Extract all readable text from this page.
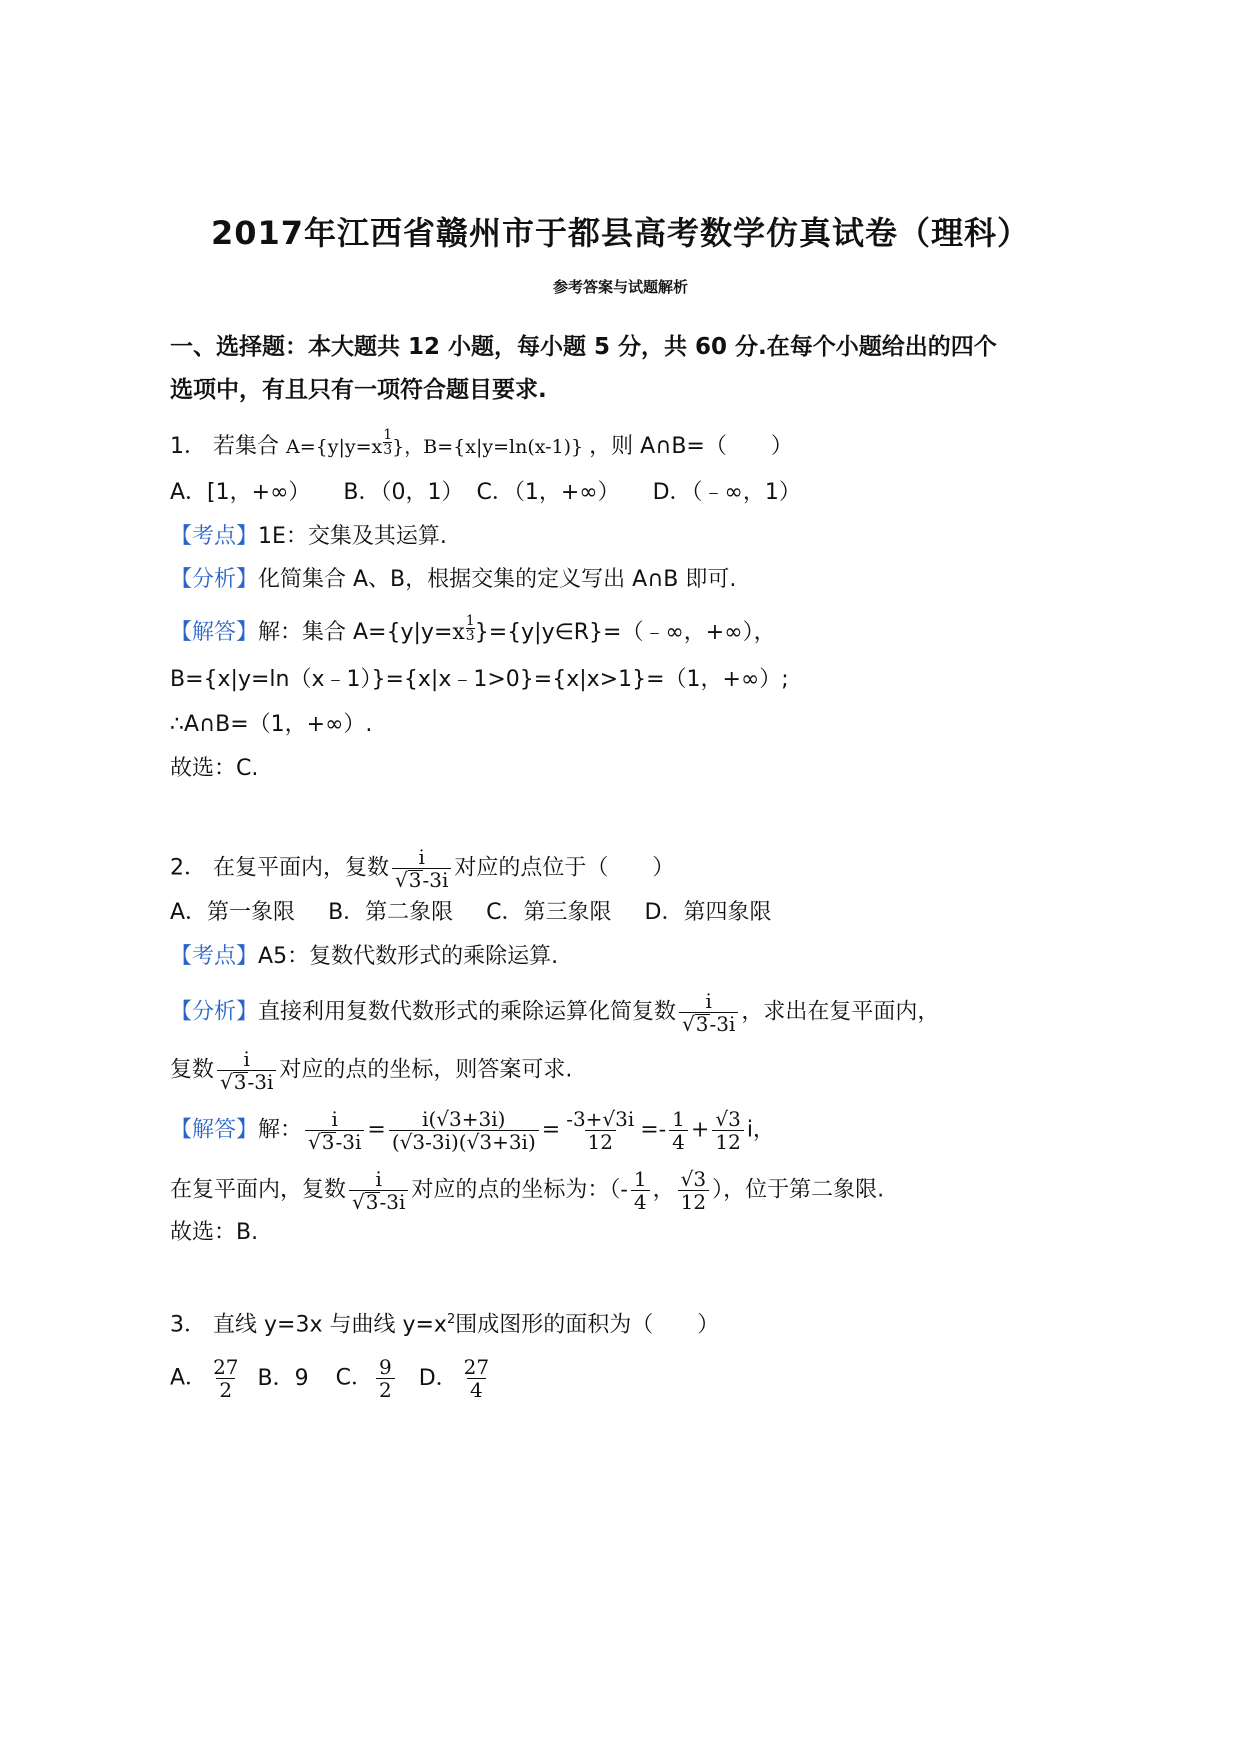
2017年江西省赣州市于都县高考数学仿真试卷（理科）
参考答案与试题解析
一、选择题：本大题共 12 小题，每小题 5 分，共 60 分.在每个小题给出的四个
选项中，有且只有一项符合题目要求.
1． 若集合 $A=\{y|y=x \frac{1}{3}$ }，B={x|y=ln(x-1)} ，则 A∩B=（　　）
A．[1，+∞） B．（0，1） C．（1，+∞） D．（﹣∞，1）
【考点】1E：交集及其运算.
【分析】化简集合 A、B，根据交集的定义写出 A∩B 即可.
【解答】解：集合 $A=\{y|y=x \frac{1}{3}$ }={y|y∈R}=（﹣∞，+∞），
B={x|y=ln（x﹣1）}={x|x﹣1>0}={x|x>1}=（1，+∞）;
∴A∩B=（1，+∞）.
故选：C.
2． 在复平面内，复数 $\frac{i}{√3-3i}$ 对应的点位于（　　）
A．第一象限 B．第二象限 C．第三象限 D．第四象限
【考点】A5：复数代数形式的乘除运算.
【分析】直接利用复数代数形式的乘除运算化简复数 $\frac{i}{√3-3i}$ ，求出在复平面内，
复数 $\frac{i}{√3-3i}$ 对应的点的坐标，则答案可求.
【解答】解： $\frac{i}{√3-3i} = \frac{i(√3+3i)}{(√3-3i)(√3+3i)} = \frac{-3+√3i}{12} =- \frac{1}{4} + \frac{√3}{12}$ i，
在复平面内，复数 $\frac{i}{√3-3i}$ 对应的点的坐标为：（- $\frac{1}{4}$ ， $\frac{√3}{12}$ ），位于第二象限.
故选：B.
3． 直线 y=3x 与曲线 $y=x^2$围成图形的面积为（　　）
A． $\frac{27}{2}$ B．9 C． $\frac{9}{2}$ D． $\frac{27}{4}$
